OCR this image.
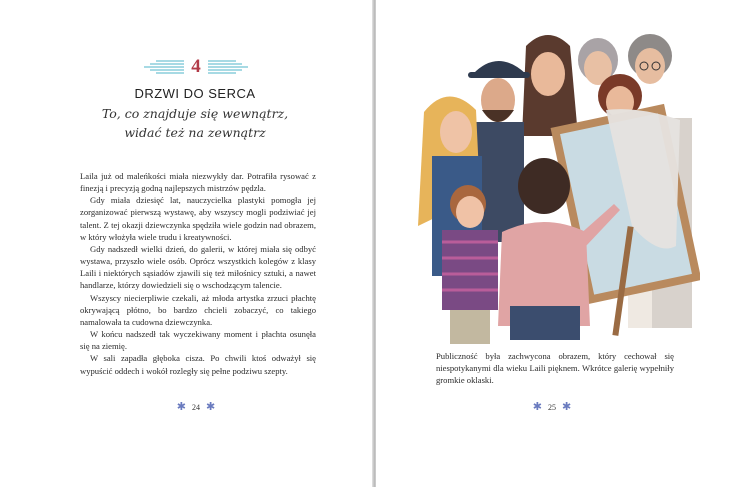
4
DRZWI DO SERCA
To, co znajduje się wewnątrz,
widać też na zewnątrz

Laila już od maleńkości miała niezwykły dar. Potrafiła rysować z finezją i precyzją godną najlepszych mistrzów pędzla.

Gdy miała dziesięć lat, nauczycielka plastyki pomogła jej zorganizować pierwszą wystawę, aby wszyscy mogli podziwiać jej talent. Z tej okazji dziewczynka spędziła wiele godzin nad obrazem, w który włożyła wiele trudu i kreatywności.

Gdy nadszedł wielki dzień, do galerii, w której miała się odbyć wystawa, przyszło wiele osób. Oprócz wszystkich kolegów z klasy Laili i niektórych sąsiadów zjawili się też miłośnicy sztuki, a nawet handlarze, którzy dowiedzieli się o wschodzącym talencie.

Wszyscy niecierpliwie czekali, aż młoda artystka zrzuci płachtę okrywającą płótno, bo bardzo chcieli zobaczyć, co takiego namalowała ta cudowna dziewczynka.

W końcu nadszedł tak wyczekiwany moment i płachta osunęła się na ziemię.

W sali zapadła głęboka cisza. Po chwili ktoś odważył się wypuścić oddech i wokół rozległy się pełne podziwu szepty.

✱ 24 ✱
Publiczność była zachwycona obrazem, który cechował się niespotykanymi dla wieku Laili pięknem. Wkrótce galerię wypełniły gromkie oklaski.
✱ 25 ✱
